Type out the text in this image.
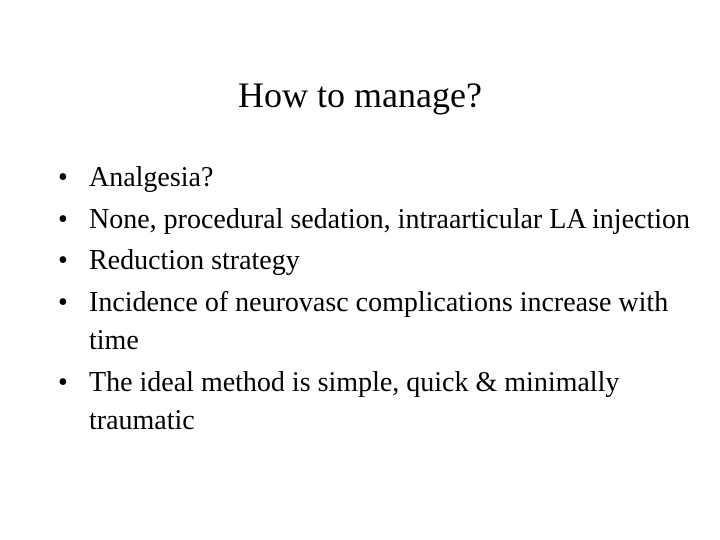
How to manage?
• Analgesia?
• None, procedural sedation, intraarticular LA injection
• Reduction strategy
• Incidence of neurovasc complications increase with time
• The ideal method is simple, quick & minimally traumatic
